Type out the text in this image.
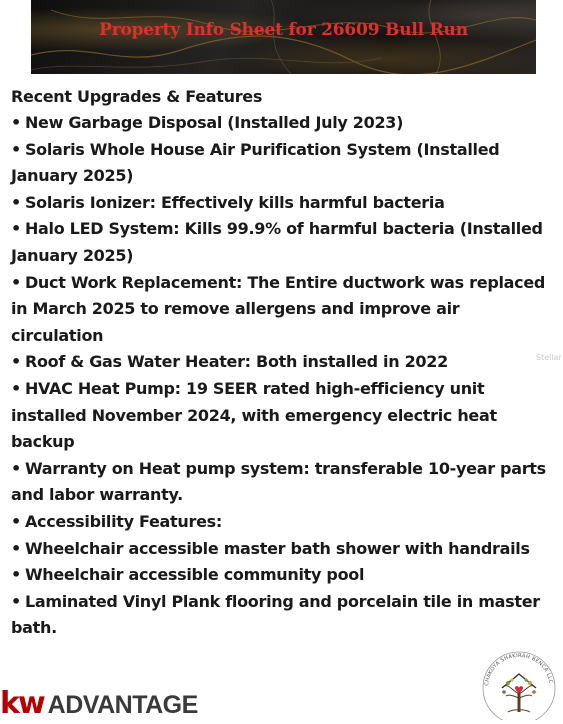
Property Info Sheet for 26609 Bull Run
Recent Upgrades & Features
• New Garbage Disposal (Installed July 2023)
• Solaris Whole House Air Purification System (Installed January 2025)
• Solaris Ionizer: Effectively kills harmful bacteria
• Halo LED System: Kills 99.9% of harmful bacteria (Installed January 2025)
• Duct Work Replacement: The Entire ductwork was replaced in March 2025 to remove allergens and improve air circulation
• Roof & Gas Water Heater: Both installed in 2022
• HVAC Heat Pump: 19 SEER rated high-efficiency unit installed November 2024, with emergency electric heat backup
• Warranty on Heat pump system: transferable 10-year parts and labor warranty.
• Accessibility Features:
• Wheelchair accessible master bath shower with handrails
• Wheelchair accessible community pool
• Laminated Vinyl Plank flooring and porcelain tile in master bath.
Stellar
kw ADVANTAGE
CHAKOYA SHAKIRAH BENCA LLC
